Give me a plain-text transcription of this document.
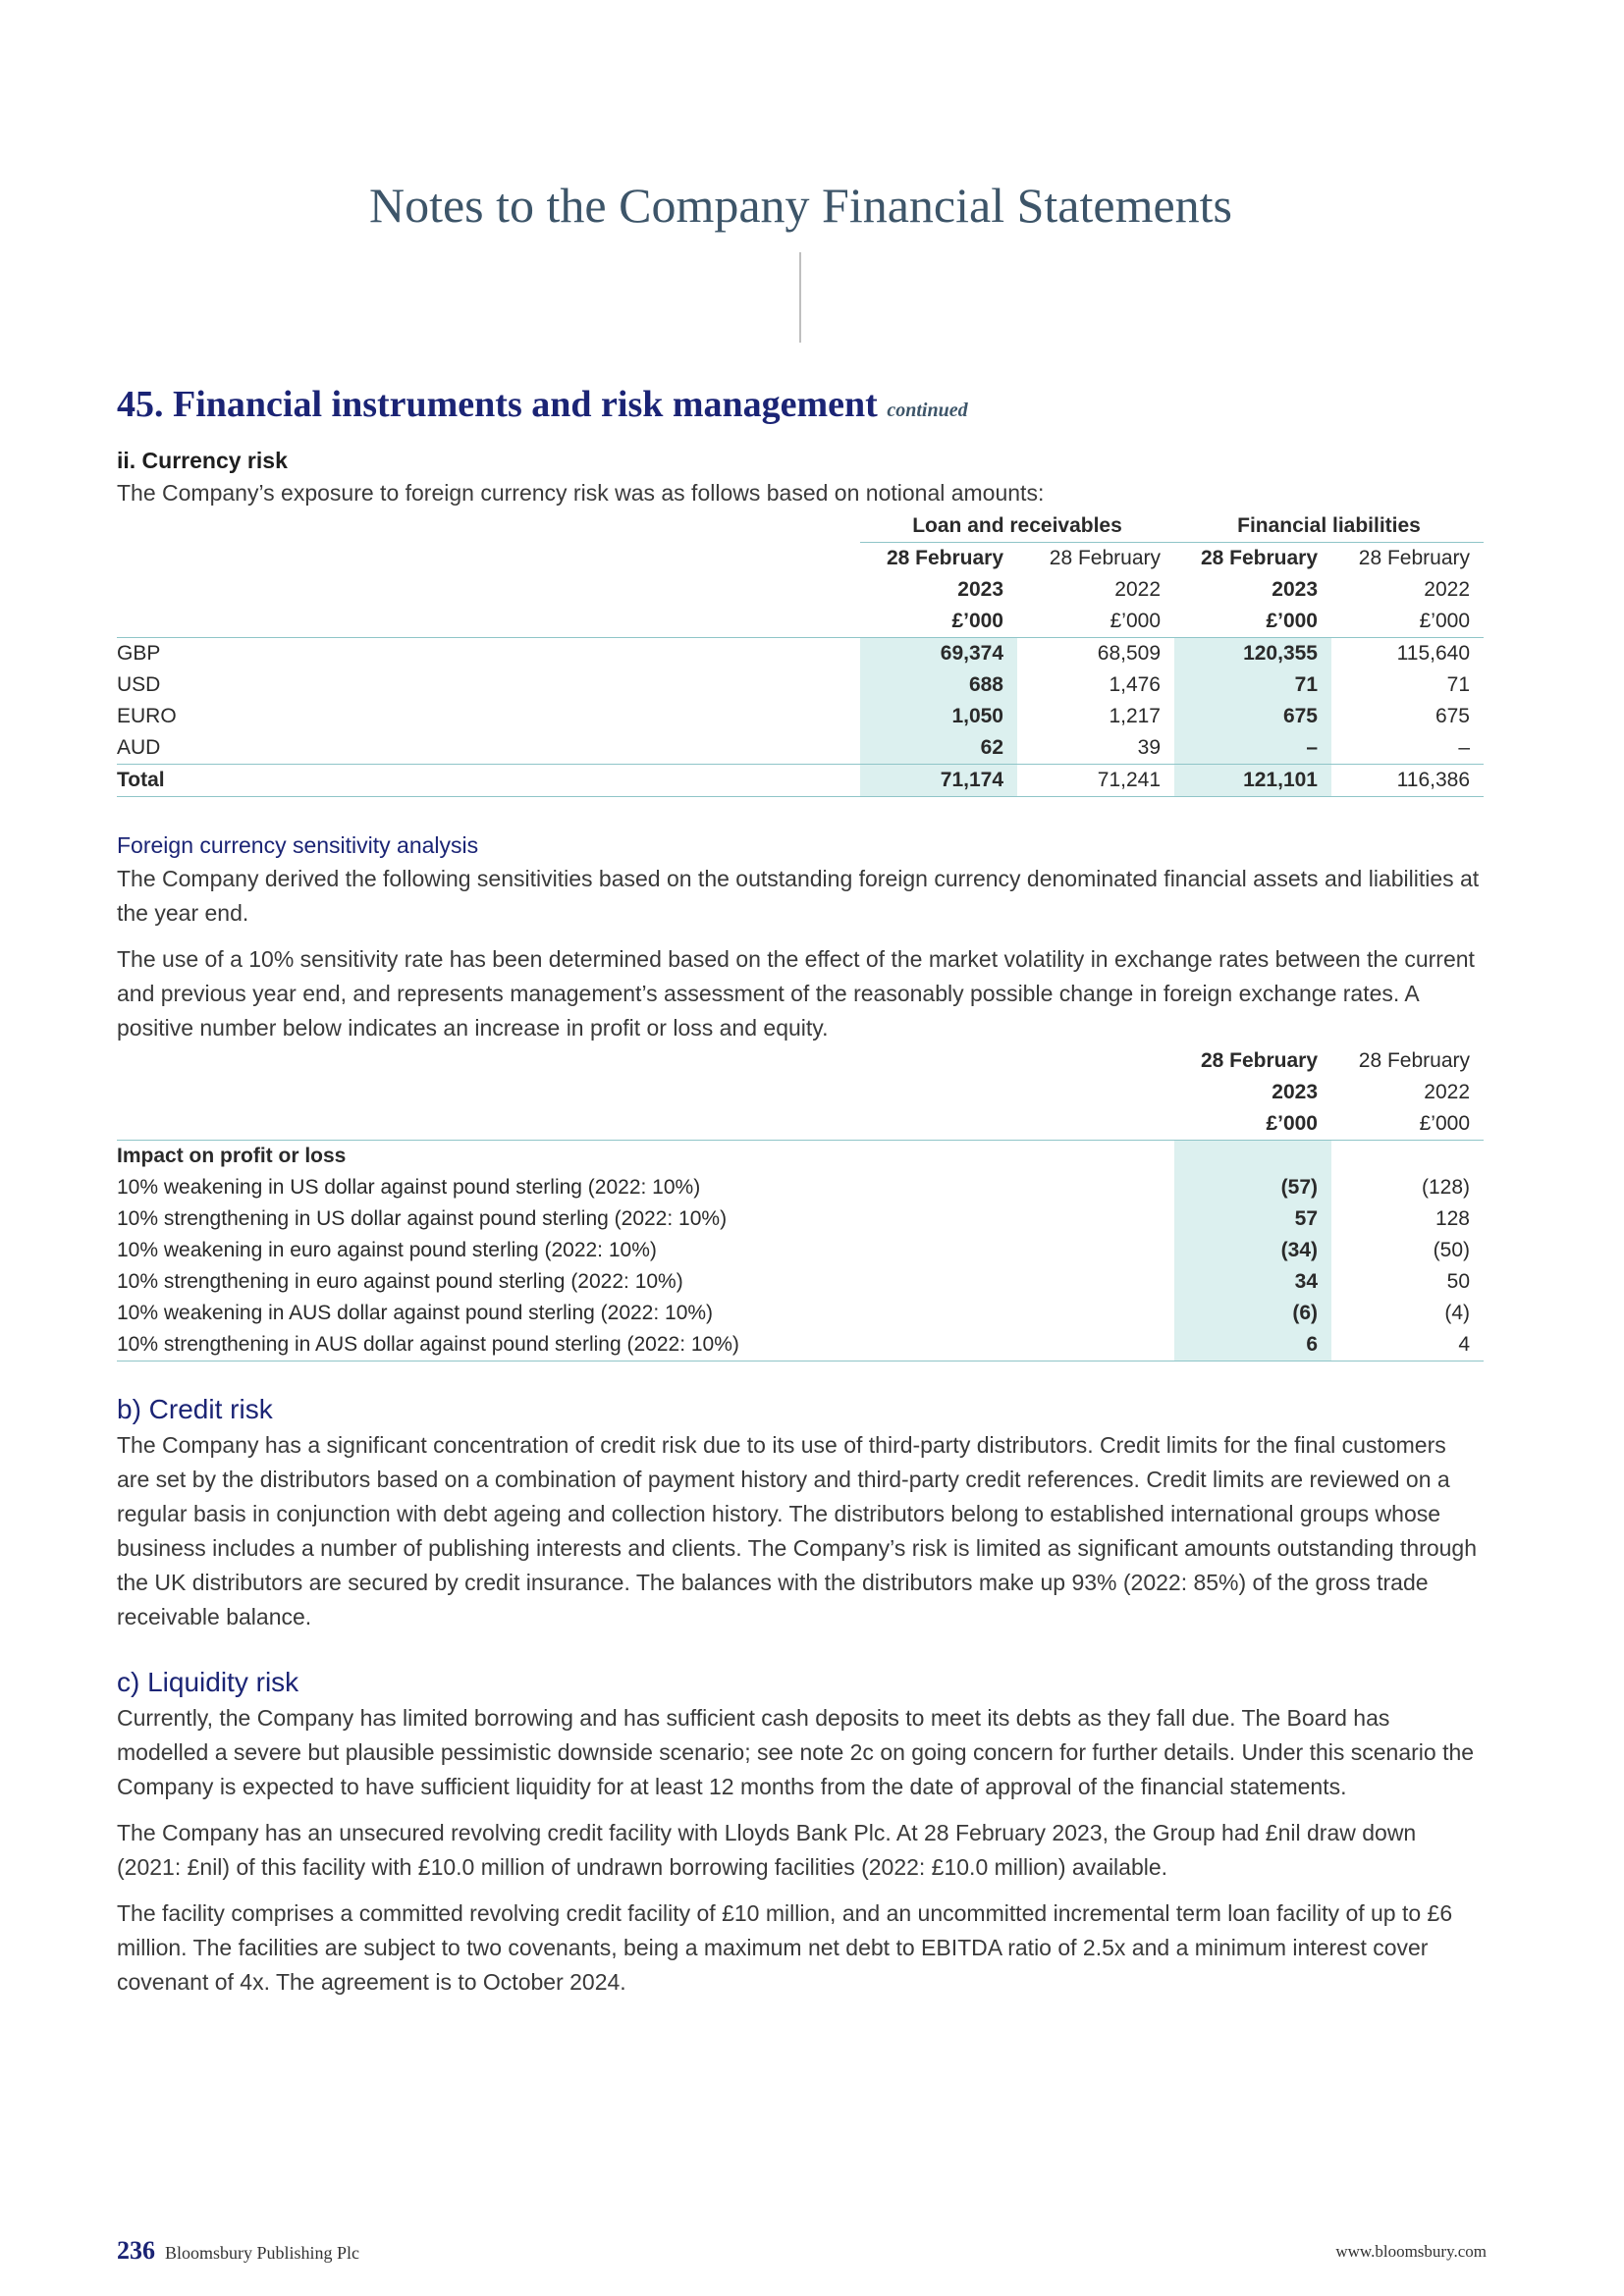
Notes to the Company Financial Statements
45. Financial instruments and risk management continued
ii. Currency risk

The Company’s exposure to foreign currency risk was as follows based on notional amounts:

	Loan and receivables		Financial liabilities	
	28 February	28 February	28 February	28 February
	2023	2022	2023	2022
	£’000	£’000	£’000	£’000
GBP	69,374	68,509	120,355	115,640
USD	688	1,476	71	71
EURO	1,050	1,217	675	675
AUD	62	39	–	–
Total	71,174	71,241	121,101	116,386
Foreign currency sensitivity analysis

The Company derived the following sensitivities based on the outstanding foreign currency denominated financial assets and liabilities at the year end.

The use of a 10% sensitivity rate has been determined based on the effect of the market volatility in exchange rates between the current and previous year end, and represents management’s assessment of the reasonably possible change in foreign exchange rates. A positive number below indicates an increase in profit or loss and equity.

	28 February	28 February
	2023	2022
	£’000	£’000
Impact on profit or loss		
10% weakening in US dollar against pound sterling (2022: 10%)	(57)	(128)
10% strengthening in US dollar against pound sterling (2022: 10%)	57	128
10% weakening in euro against pound sterling (2022: 10%)	(34)	(50)
10% strengthening in euro against pound sterling (2022: 10%)	34	50
10% weakening in AUS dollar against pound sterling (2022: 10%)	(6)	(4)
10% strengthening in AUS dollar against pound sterling (2022: 10%)	6	4
b) Credit risk

The Company has a significant concentration of credit risk due to its use of third-party distributors. Credit limits for the final customers are set by the distributors based on a combination of payment history and third-party credit references. Credit limits are reviewed on a regular basis in conjunction with debt ageing and collection history. The distributors belong to established international groups whose business includes a number of publishing interests and clients. The Company’s risk is limited as significant amounts outstanding through the UK distributors are secured by credit insurance. The balances with the distributors make up 93% (2022: 85%) of the gross trade receivable balance.

c) Liquidity risk

Currently, the Company has limited borrowing and has sufficient cash deposits to meet its debts as they fall due. The Board has modelled a severe but plausible pessimistic downside scenario; see note 2c on going concern for further details. Under this scenario the Company is expected to have sufficient liquidity for at least 12 months from the date of approval of the financial statements.

The Company has an unsecured revolving credit facility with Lloyds Bank Plc. At 28 February 2023, the Group had £nil draw down (2021: £nil) of this facility with £10.0 million of undrawn borrowing facilities (2022: £10.0 million) available.

The facility comprises a committed revolving credit facility of £10 million, and an uncommitted incremental term loan facility of up to £6 million. The facilities are subject to two covenants, being a maximum net debt to EBITDA ratio of 2.5x and a minimum interest cover covenant of 4x. The agreement is to October 2024.

236 Bloomsbury Publishing Plc	www.bloomsbury.com
